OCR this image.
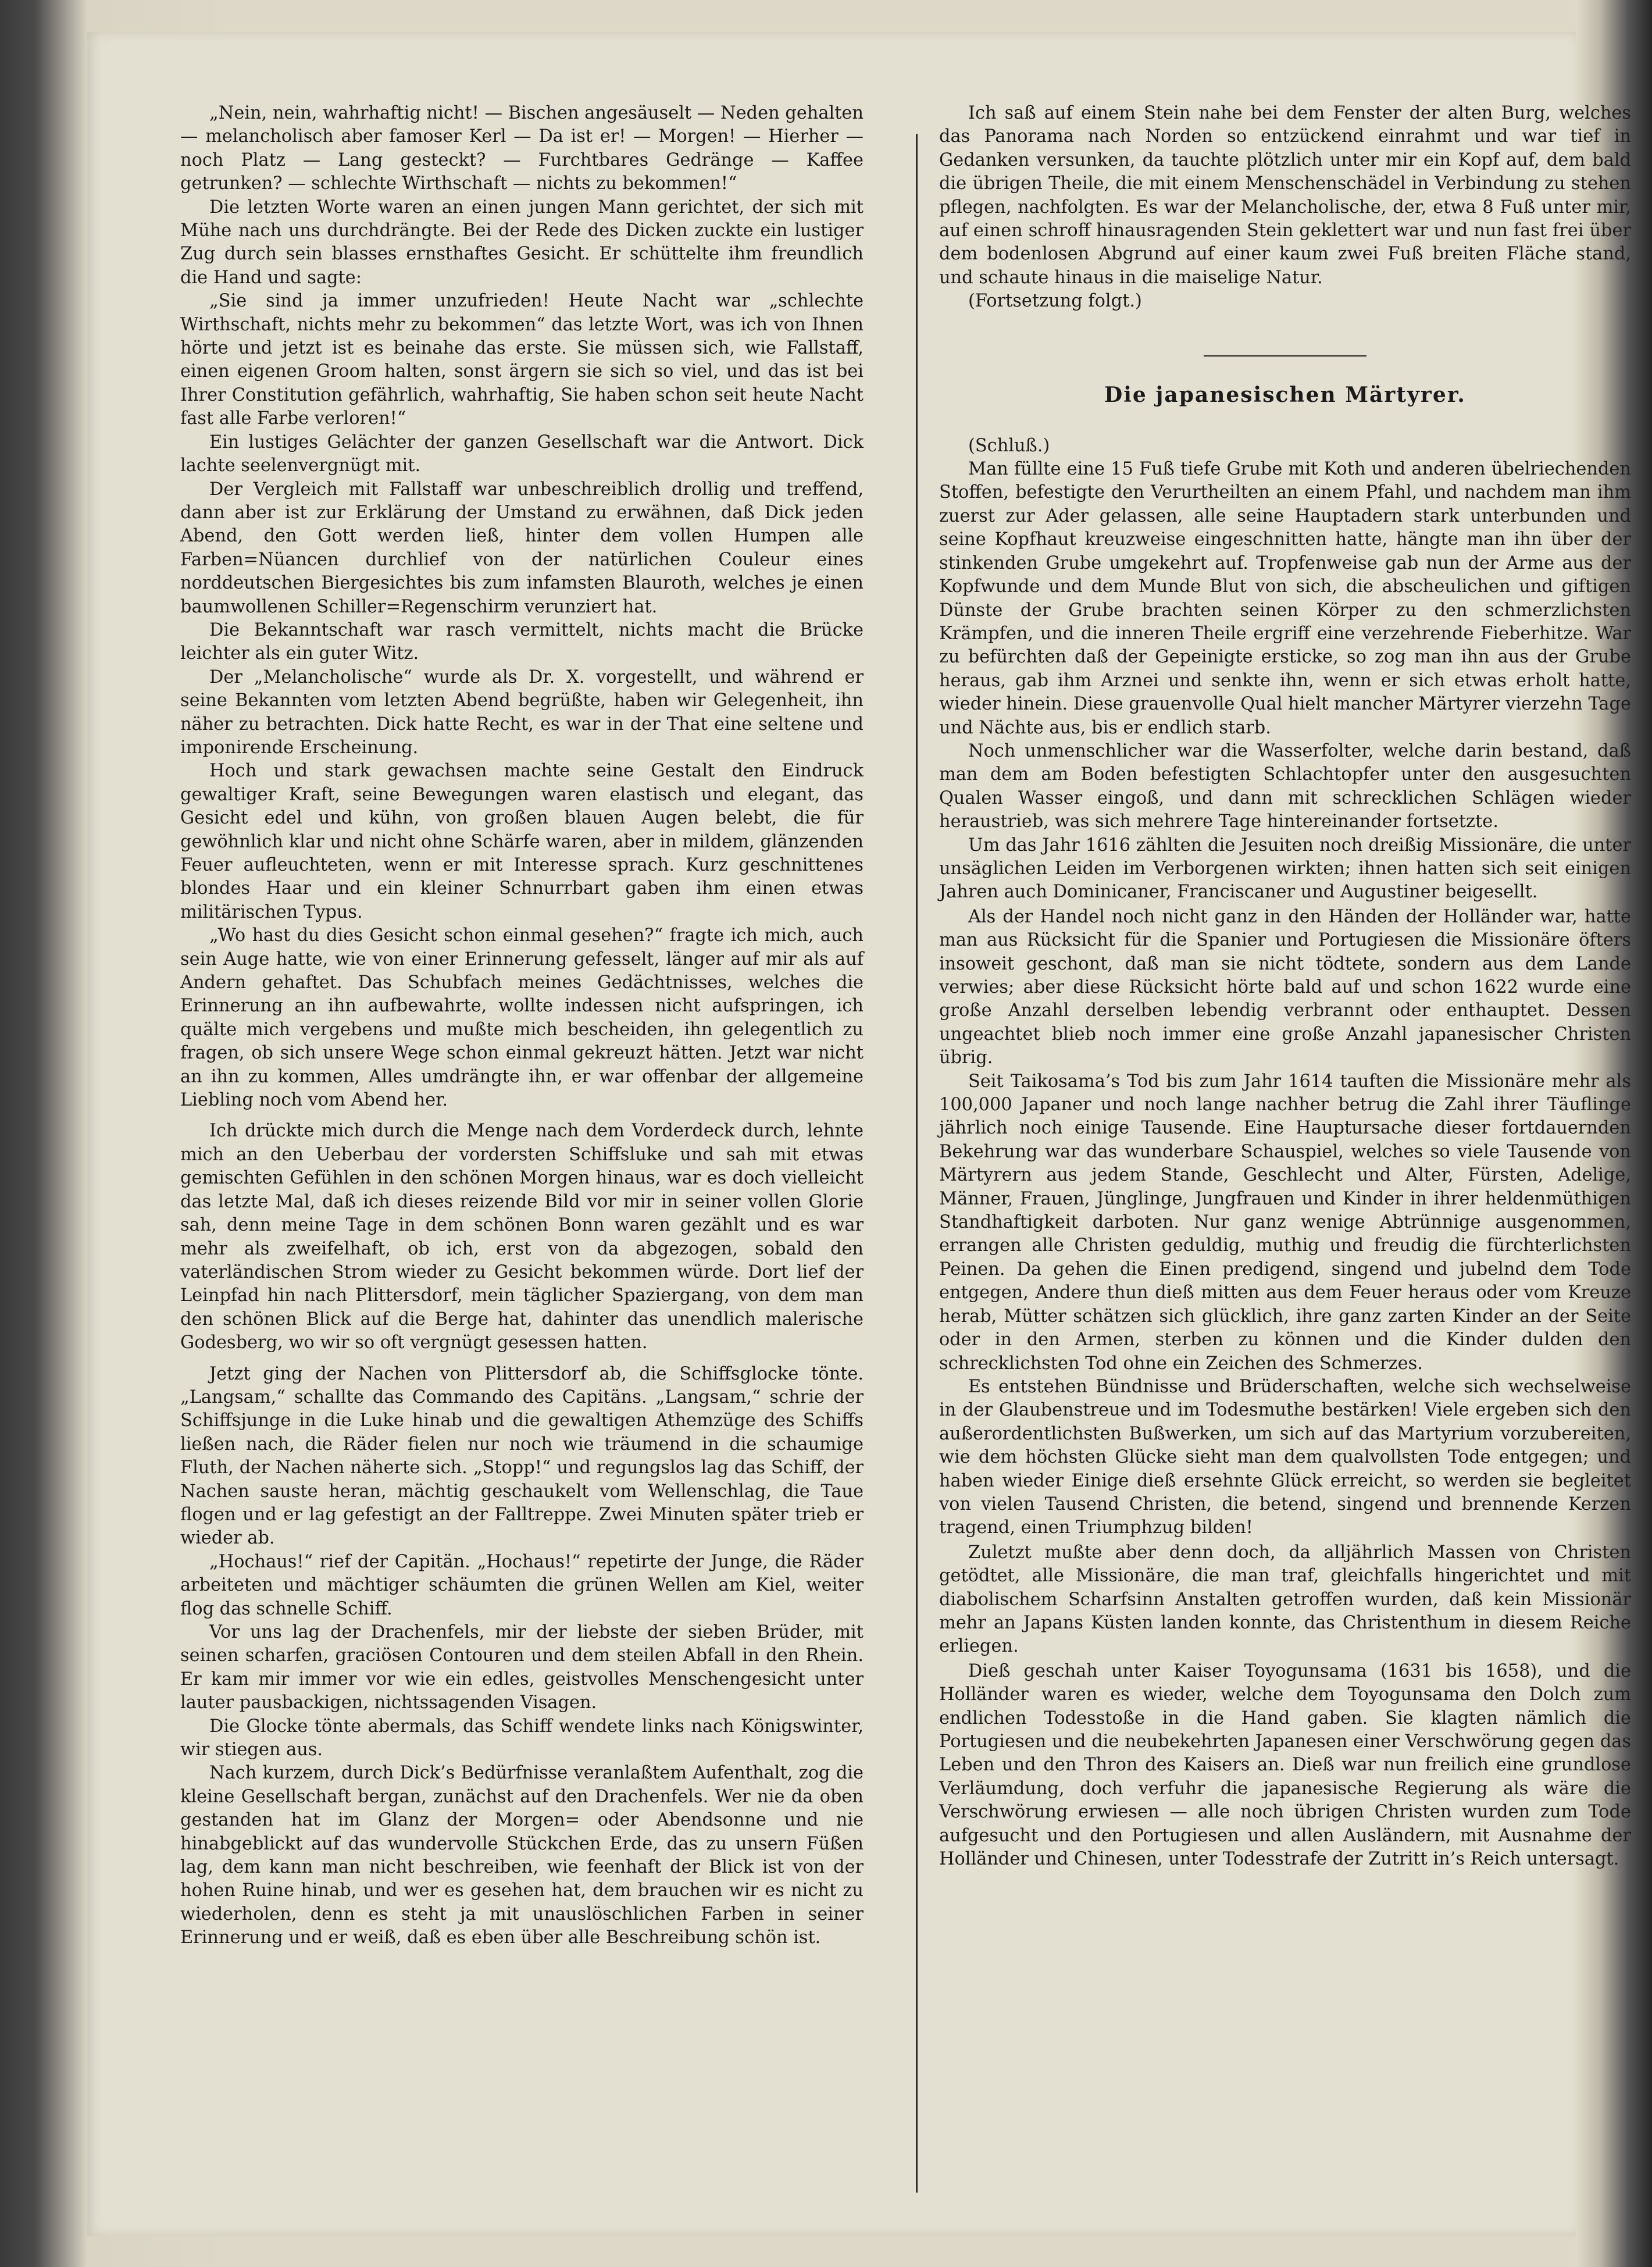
„Nein, nein, wahrhaftig nicht! — Bischen angesäuselt — Neden gehalten — melancholisch aber famoser Kerl — Da ist er! — Morgen! — Hierher — noch Platz — Lang gesteckt? — Furchtbares Gedränge — Kaffee getrunken? — schlechte Wirthschaft — nichts zu bekommen!“

Die letzten Worte waren an einen jungen Mann gerichtet, der sich mit Mühe nach uns durchdrängte. Bei der Rede des Dicken zuckte ein lustiger Zug durch sein blasses ernsthaftes Gesicht. Er schüttelte ihm freundlich die Hand und sagte:

„Sie sind ja immer unzufrieden! Heute Nacht war „schlechte Wirthschaft, nichts mehr zu bekommen“ das letzte Wort, was ich von Ihnen hörte und jetzt ist es beinahe das erste. Sie müssen sich, wie Fallstaff, einen eigenen Groom halten, sonst ärgern sie sich so viel, und das ist bei Ihrer Constitution gefährlich, wahrhaftig, Sie haben schon seit heute Nacht fast alle Farbe verloren!“

Ein lustiges Gelächter der ganzen Gesellschaft war die Antwort. Dick lachte seelenvergnügt mit.

Der Vergleich mit Fallstaff war unbeschreiblich drollig und treffend, dann aber ist zur Erklärung der Umstand zu erwähnen, daß Dick jeden Abend, den Gott werden ließ, hinter dem vollen Humpen alle Farben=Nüancen durchlief von der natürlichen Couleur eines norddeutschen Biergesichtes bis zum infamsten Blauroth, welches je einen baumwollenen Schiller=Regenschirm verunziert hat.

Die Bekanntschaft war rasch vermittelt, nichts macht die Brücke leichter als ein guter Witz.

Der „Melancholische“ wurde als Dr. X. vorgestellt, und während er seine Bekannten vom letzten Abend begrüßte, haben wir Gelegenheit, ihn näher zu betrachten. Dick hatte Recht, es war in der That eine seltene und imponirende Erscheinung.

Hoch und stark gewachsen machte seine Gestalt den Eindruck gewaltiger Kraft, seine Bewegungen waren elastisch und elegant, das Gesicht edel und kühn, von großen blauen Augen belebt, die für gewöhnlich klar und nicht ohne Schärfe waren, aber in mildem, glänzenden Feuer aufleuchteten, wenn er mit Interesse sprach. Kurz geschnittenes blondes Haar und ein kleiner Schnurrbart gaben ihm einen etwas militärischen Typus.

„Wo hast du dies Gesicht schon einmal gesehen?“ fragte ich mich, auch sein Auge hatte, wie von einer Erinnerung gefesselt, länger auf mir als auf Andern gehaftet. Das Schubfach meines Gedächtnisses, welches die Erinnerung an ihn aufbewahrte, wollte indessen nicht aufspringen, ich quälte mich vergebens und mußte mich bescheiden, ihn gelegentlich zu fragen, ob sich unsere Wege schon einmal gekreuzt hätten. Jetzt war nicht an ihn zu kommen, Alles umdrängte ihn, er war offenbar der allgemeine Liebling noch vom Abend her.

Ich drückte mich durch die Menge nach dem Vorderdeck durch, lehnte mich an den Ueberbau der vordersten Schiffsluke und sah mit etwas gemischten Gefühlen in den schönen Morgen hinaus, war es doch vielleicht das letzte Mal, daß ich dieses reizende Bild vor mir in seiner vollen Glorie sah, denn meine Tage in dem schönen Bonn waren gezählt und es war mehr als zweifelhaft, ob ich, erst von da abgezogen, sobald den vaterländischen Strom wieder zu Gesicht bekommen würde. Dort lief der Leinpfad hin nach Plittersdorf, mein täglicher Spaziergang, von dem man den schönen Blick auf die Berge hat, dahinter das unendlich malerische Godesberg, wo wir so oft vergnügt gesessen hatten.

Jetzt ging der Nachen von Plittersdorf ab, die Schiffsglocke tönte. „Langsam,“ schallte das Commando des Capitäns. „Langsam,“ schrie der Schiffsjunge in die Luke hinab und die gewaltigen Athemzüge des Schiffs ließen nach, die Räder fielen nur noch wie träumend in die schaumige Fluth, der Nachen näherte sich. „Stopp!“ und regungslos lag das Schiff, der Nachen sauste heran, mächtig geschaukelt vom Wellenschlag, die Taue flogen und er lag gefestigt an der Falltreppe. Zwei Minuten später trieb er wieder ab.

„Hochaus!“ rief der Capitän. „Hochaus!“ repetirte der Junge, die Räder arbeiteten und mächtiger schäumten die grünen Wellen am Kiel, weiter flog das schnelle Schiff.

Vor uns lag der Drachenfels, mir der liebste der sieben Brüder, mit seinen scharfen, graciösen Contouren und dem steilen Abfall in den Rhein. Er kam mir immer vor wie ein edles, geistvolles Menschengesicht unter lauter pausbackigen, nichtssagenden Visagen.

Die Glocke tönte abermals, das Schiff wendete links nach Königswinter, wir stiegen aus.

Nach kurzem, durch Dick’s Bedürfnisse veranlaßtem Aufenthalt, zog die kleine Gesellschaft bergan, zunächst auf den Drachenfels. Wer nie da oben gestanden hat im Glanz der Morgen= oder Abendsonne und nie hinabgeblickt auf das wundervolle Stückchen Erde, das zu unsern Füßen lag, dem kann man nicht beschreiben, wie feenhaft der Blick ist von der hohen Ruine hinab, und wer es gesehen hat, dem brauchen wir es nicht zu wiederholen, denn es steht ja mit unauslöschlichen Farben in seiner Erinnerung und er weiß, daß es eben über alle Beschreibung schön ist.

Ich saß auf einem Stein nahe bei dem Fenster der alten Burg, welches das Panorama nach Norden so entzückend einrahmt und war tief in Gedanken versunken, da tauchte plötzlich unter mir ein Kopf auf, dem bald die übrigen Theile, die mit einem Menschenschädel in Verbindung zu stehen pflegen, nachfolgten. Es war der Melancholische, der, etwa 8 Fuß unter mir, auf einen schroff hinausragenden Stein geklettert war und nun fast frei über dem bodenlosen Abgrund auf einer kaum zwei Fuß breiten Fläche stand, und schaute hinaus in die maiselige Natur.

(Fortsetzung folgt.)

Die japanesischen Märtyrer.

(Schluß.)

Man füllte eine 15 Fuß tiefe Grube mit Koth und anderen übelriechenden Stoffen, befestigte den Verurtheilten an einem Pfahl, und nachdem man ihm zuerst zur Ader gelassen, alle seine Hauptadern stark unterbunden und seine Kopfhaut kreuzweise eingeschnitten hatte, hängte man ihn über der stinkenden Grube umgekehrt auf. Tropfenweise gab nun der Arme aus der Kopfwunde und dem Munde Blut von sich, die abscheulichen und giftigen Dünste der Grube brachten seinen Körper zu den schmerzlichsten Krämpfen, und die inneren Theile ergriff eine verzehrende Fieberhitze. War zu befürchten daß der Gepeinigte ersticke, so zog man ihn aus der Grube heraus, gab ihm Arznei und senkte ihn, wenn er sich etwas erholt hatte, wieder hinein. Diese grauenvolle Qual hielt mancher Märtyrer vierzehn Tage und Nächte aus, bis er endlich starb.

Noch unmenschlicher war die Wasserfolter, welche darin bestand, daß man dem am Boden befestigten Schlachtopfer unter den ausgesuchten Qualen Wasser eingoß, und dann mit schrecklichen Schlägen wieder heraustrieb, was sich mehrere Tage hintereinander fortsetzte.

Um das Jahr 1616 zählten die Jesuiten noch dreißig Missionäre, die unter unsäglichen Leiden im Verborgenen wirkten; ihnen hatten sich seit einigen Jahren auch Dominicaner, Franciscaner und Augustiner beigesellt.

Als der Handel noch nicht ganz in den Händen der Holländer war, hatte man aus Rücksicht für die Spanier und Portugiesen die Missionäre öfters insoweit geschont, daß man sie nicht tödtete, sondern aus dem Lande verwies; aber diese Rücksicht hörte bald auf und schon 1622 wurde eine große Anzahl derselben lebendig verbrannt oder enthauptet. Dessen ungeachtet blieb noch immer eine große Anzahl japanesischer Christen übrig.

Seit Taikosama’s Tod bis zum Jahr 1614 tauften die Missionäre mehr als 100,000 Japaner und noch lange nachher betrug die Zahl ihrer Täuflinge jährlich noch einige Tausende. Eine Hauptursache dieser fortdauernden Bekehrung war das wunderbare Schauspiel, welches so viele Tausende von Märtyrern aus jedem Stande, Geschlecht und Alter, Fürsten, Adelige, Männer, Frauen, Jünglinge, Jungfrauen und Kinder in ihrer heldenmüthigen Standhaftigkeit darboten. Nur ganz wenige Abtrünnige ausgenommen, errangen alle Christen geduldig, muthig und freudig die fürchterlichsten Peinen. Da gehen die Einen predigend, singend und jubelnd dem Tode entgegen, Andere thun dieß mitten aus dem Feuer heraus oder vom Kreuze herab, Mütter schätzen sich glücklich, ihre ganz zarten Kinder an der Seite oder in den Armen, sterben zu können und die Kinder dulden den schrecklichsten Tod ohne ein Zeichen des Schmerzes.

Es entstehen Bündnisse und Brüderschaften, welche sich wechselweise in der Glaubenstreue und im Todesmuthe bestärken! Viele ergeben sich den außerordentlichsten Bußwerken, um sich auf das Martyrium vorzubereiten, wie dem höchsten Glücke sieht man dem qualvollsten Tode entgegen; und haben wieder Einige dieß ersehnte Glück erreicht, so werden sie begleitet von vielen Tausend Christen, die betend, singend und brennende Kerzen tragend, einen Triumphzug bilden!

Zuletzt mußte aber denn doch, da alljährlich Massen von Christen getödtet, alle Missionäre, die man traf, gleichfalls hingerichtet und mit diabolischem Scharfsinn Anstalten getroffen wurden, daß kein Missionär mehr an Japans Küsten landen konnte, das Christenthum in diesem Reiche erliegen.

Dieß geschah unter Kaiser Toyogunsama (1631 bis 1658), und die Holländer waren es wieder, welche dem Toyogunsama den Dolch zum endlichen Todesstoße in die Hand gaben. Sie klagten nämlich die Portugiesen und die neubekehrten Japanesen einer Verschwörung gegen das Leben und den Thron des Kaisers an. Dieß war nun freilich eine grundlose Verläumdung, doch verfuhr die japanesische Regierung als wäre die Verschwörung erwiesen — alle noch übrigen Christen wurden zum Tode aufgesucht und den Portugiesen und allen Ausländern, mit Ausnahme der Holländer und Chinesen, unter Todesstrafe der Zutritt in’s Reich untersagt.
